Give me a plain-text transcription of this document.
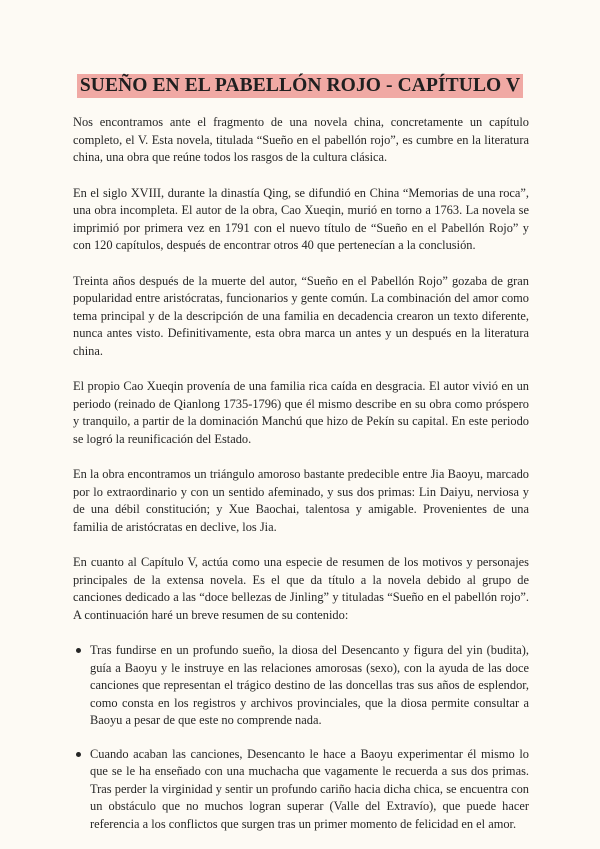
SUEÑO EN EL PABELLÓN ROJO - CAPÍTULO V

Nos encontramos ante el fragmento de una novela china, concretamente un capítulo completo, el V. Esta novela, titulada “Sueño en el pabellón rojo”, es cumbre en la literatura china, una obra que reúne todos los rasgos de la cultura clásica.

En el siglo XVIII, durante la dinastía Qing, se difundió en China “Memorias de una roca”, una obra incompleta. El autor de la obra, Cao Xueqin, murió en torno a 1763. La novela se imprimió por primera vez en 1791 con el nuevo título de “Sueño en el Pabellón Rojo” y con 120 capítulos, después de encontrar otros 40 que pertenecían a la conclusión.

Treinta años después de la muerte del autor, “Sueño en el Pabellón Rojo” gozaba de gran popularidad entre aristócratas, funcionarios y gente común. La combinación del amor como tema principal y de la descripción de una familia en decadencia crearon un texto diferente, nunca antes visto. Definitivamente, esta obra marca un antes y un después en la literatura china.

El propio Cao Xueqin provenía de una familia rica caída en desgracia. El autor vivió en un periodo (reinado de Qianlong 1735-1796) que él mismo describe en su obra como próspero y tranquilo, a partir de la dominación Manchú que hizo de Pekín su capital. En este periodo se logró la reunificación del Estado.

En la obra encontramos un triángulo amoroso bastante predecible entre Jia Baoyu, marcado por lo extraordinario y con un sentido afeminado, y sus dos primas: Lin Daiyu, nerviosa y de una débil constitución; y Xue Baochai, talentosa y amigable. Provenientes de una familia de aristócratas en declive, los Jia.

En cuanto al Capítulo V, actúa como una especie de resumen de los motivos y personajes principales de la extensa novela. Es el que da título a la novela debido al grupo de canciones dedicado a las “doce bellezas de Jinling” y tituladas “Sueño en el pabellón rojo”. A continuación haré un breve resumen de su contenido:

Tras fundirse en un profundo sueño, la diosa del Desencanto y figura del yin (budita), guía a Baoyu y le instruye en las relaciones amorosas (sexo), con la ayuda de las doce canciones que representan el trágico destino de las doncellas tras sus años de esplendor, como consta en los registros y archivos provinciales, que la diosa permite consultar a Baoyu a pesar de que este no comprende nada.
Cuando acaban las canciones, Desencanto le hace a Baoyu experimentar él mismo lo que se le ha enseñado con una muchacha que vagamente le recuerda a sus dos primas. Tras perder la virginidad y sentir un profundo cariño hacia dicha chica, se encuentra con un obstáculo que no muchos logran superar (Valle del Extravío), que puede hacer referencia a los conflictos que surgen tras un primer momento de felicidad en el amor.
